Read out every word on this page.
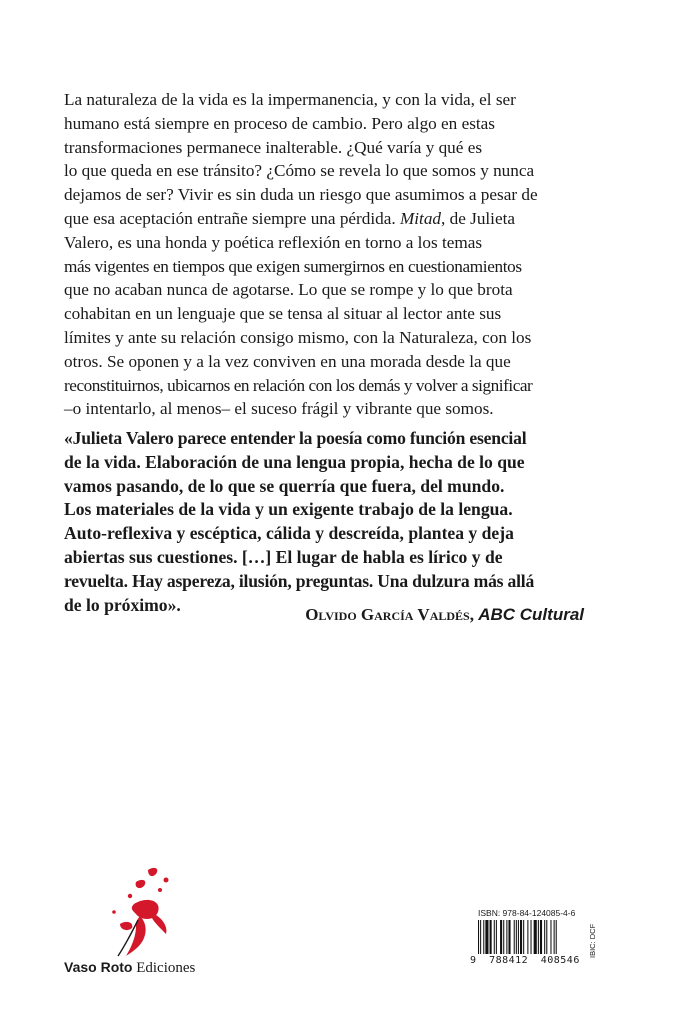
La naturaleza de la vida es la impermanencia, y con la vida, el ser
humano está siempre en proceso de cambio. Pero algo en estas
transformaciones permanece inalterable. ¿Qué varía y qué es
lo que queda en ese tránsito? ¿Cómo se revela lo que somos y nunca
dejamos de ser? Vivir es sin duda un riesgo que asumimos a pesar de
que esa aceptación entrañe siempre una pérdida. Mitad, de Julieta
Valero, es una honda y poética reflexión en torno a los temas
más vigentes en tiempos que exigen sumergirnos en cuestionamientos
que no acaban nunca de agotarse. Lo que se rompe y lo que brota
cohabitan en un lenguaje que se tensa al situar al lector ante sus
límites y ante su relación consigo mismo, con la Naturaleza, con los
otros. Se oponen y a la vez conviven en una morada desde la que
reconstituirnos, ubicarnos en relación con los demás y volver a significar
–o intentarlo, al menos– el suceso frágil y vibrante que somos.
«Julieta Valero parece entender la poesía como función esencial
de la vida. Elaboración de una lengua propia, hecha de lo que
vamos pasando, de lo que se querría que fuera, del mundo.
Los materiales de la vida y un exigente trabajo de la lengua.
Auto-reflexiva y escéptica, cálida y descreída, plantea y deja
abiertas sus cuestiones. […] El lugar de habla es lírico y de
revuelta. Hay aspereza, ilusión, preguntas. Una dulzura más allá
de lo próximo».	Olvido García Valdés, ABC Cultural
Vaso Roto Ediciones
ISBN: 978-84-124085-4-6
9 788412 408546
IBIC: DCF
